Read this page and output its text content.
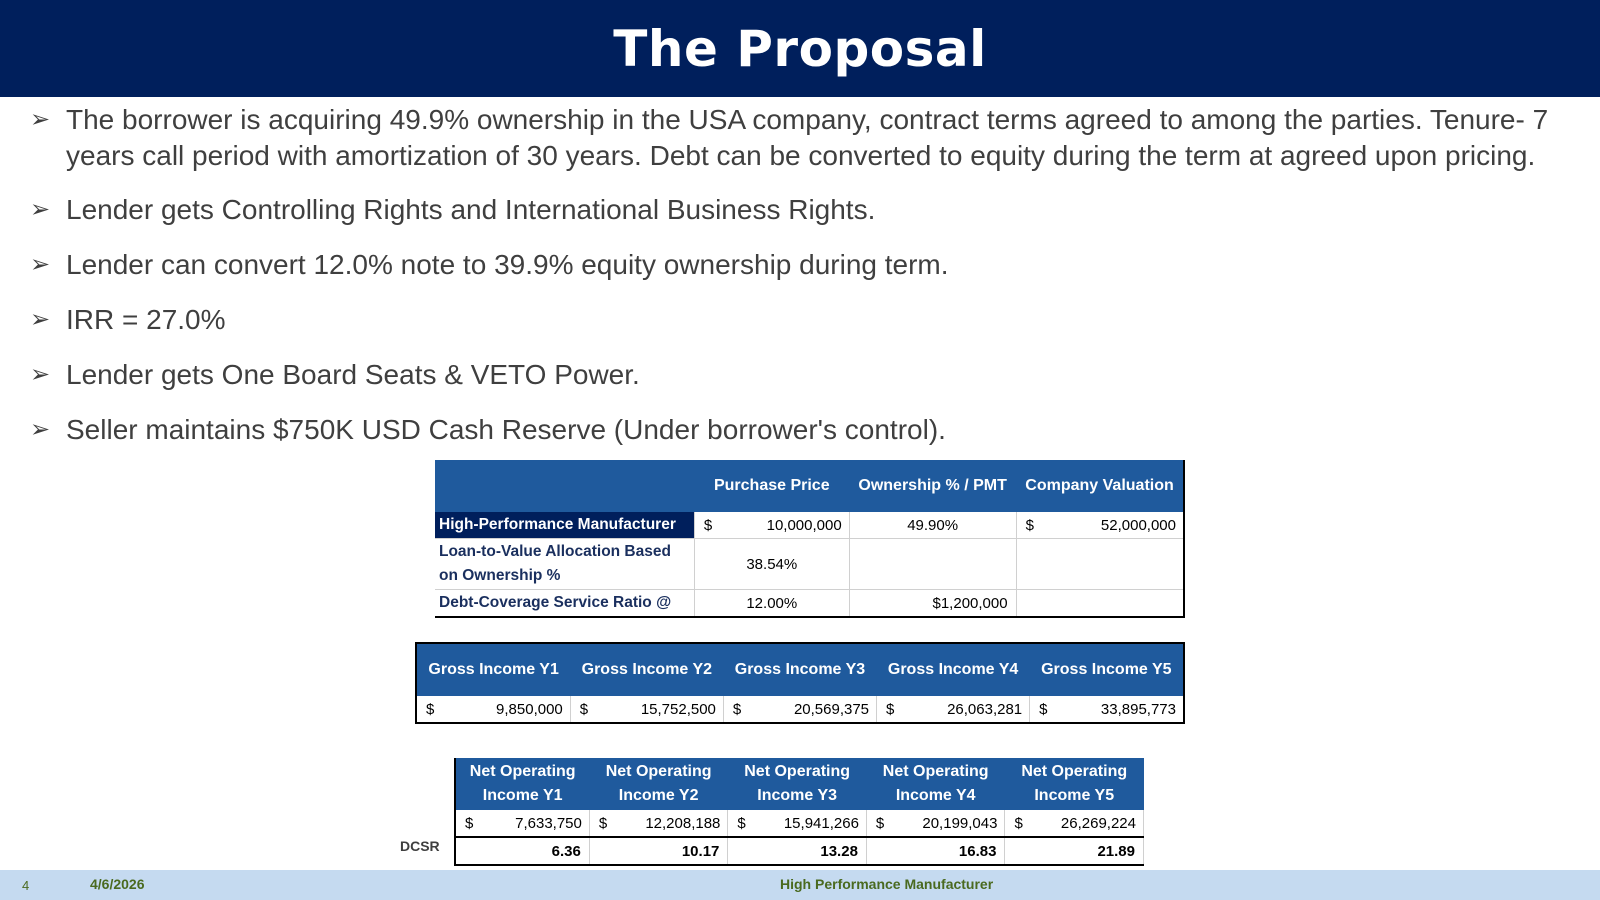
The Proposal
➢ The borrower is acquiring 49.9% ownership in the USA company, contract terms agreed to among the parties. Tenure- 7 years call period with amortization of 30 years. Debt can be converted to equity during the term at agreed upon pricing.
➢ Lender gets Controlling Rights and International Business Rights.
➢ Lender can convert 12.0% note to 39.9% equity ownership during term.
➢ IRR = 27.0%
➢ Lender gets One Board Seats & VETO Power.
➢ Seller maintains $750K USD Cash Reserve (Under borrower's control).
	Purchase Price	Ownership % / PMT	Company Valuation
High-Performance Manufacturer	$ 10,000,000	49.90%	$ 52,000,000

Loan-to-Value Allocation Based on Ownership %	38.54%		
Debt-Coverage Service Ratio @	12.00%	$1,200,000	
Gross Income Y1	Gross Income Y2	Gross Income Y3	Gross Income Y4	Gross Income Y5

$ 9,850,000	$ 15,752,500	$ 20,569,375	$ 26,063,281	$ 33,895,773
DCSR
Net Operating Income Y1	Net Operating Income Y2	Net Operating Income Y3	Net Operating Income Y4	Net Operating Income Y5

$ 7,633,750	$ 12,208,188	$ 15,941,266	$ 20,199,043	$ 26,269,224

6.36	10.17	13.28	16.83	21.89
4	4/6/2026	High Performance Manufacturer
